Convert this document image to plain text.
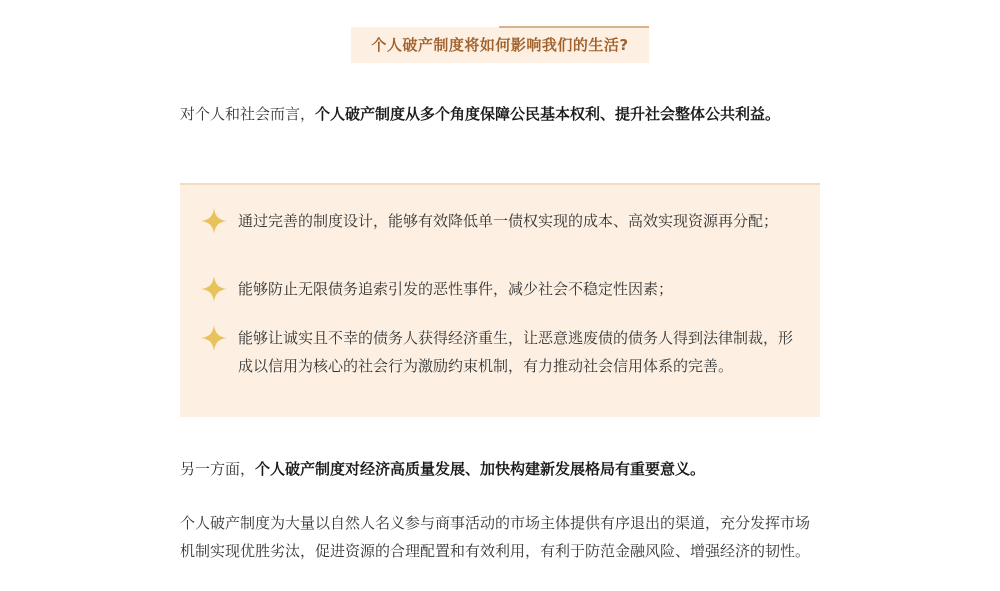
个人破产制度将如何影响我们的生活?
对个人和社会而言，个人破产制度从多个角度保障公民基本权利、提升社会整体公共利益。
通过完善的制度设计，能够有效降低单一债权实现的成本、高效实现资源再分配；
能够防止无限债务追索引发的恶性事件，减少社会不稳定性因素；
能够让诚实且不幸的债务人获得经济重生，让恶意逃废债的债务人得到法律制裁，形成以信用为核心的社会行为激励约束机制，有力推动社会信用体系的完善。
另一方面，个人破产制度对经济高质量发展、加快构建新发展格局有重要意义。
个人破产制度为大量以自然人名义参与商事活动的市场主体提供有序退出的渠道，充分发挥市场机制实现优胜劣汰，促进资源的合理配置和有效利用，有利于防范金融风险、增强经济的韧性。
